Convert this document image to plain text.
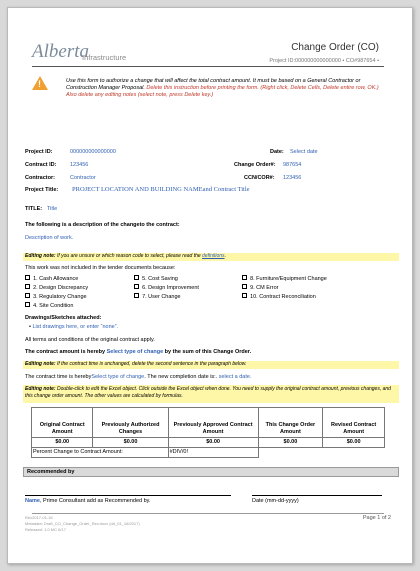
Alberta
Infrastructure
Change Order (CO)
Project ID:000000000000000 • CO#987654 •
!	Use this form to authorize a change that will affect the total contract amount. It must be based on a General Contractor or Construction Manager Proposal. Delete this instruction before printing the form. (Right click, Delete Cells, Delete entire row, OK.) Also delete any editing notes (select note, press Delete key.)
Project ID:	000000000000000	Date: Select date
Contract ID: 123456	Change Order#: 987654
Contractor:	Contractor	CCN/COR#: 123456
Project Title: PROJECT LOCATION AND BUILDING NAMEand Contract Title
TITLE: Title
The following is a description of the changeto the contract:
Description of work.
Editing note: If you are unsure or which reason code to select, please read the definitions.
This work was not included in the tender documents because:
1. Cash Allowance	5. Cost Saving	8. Furniture/Equipment Change
2. Design Discrepancy	6. Design Improvement	9. CM Error
3. Regulatory Change	7. User Change	10. Contract Reconciliation
4. Site Condition
Drawings/Sketches attached:
• List drawings here, or enter “none”.
All terms and conditions of the original contract apply.
The contract amount is hereby Select type of change by the sum of this Change Order.
Editing note: If the contract time is unchanged, delete the second sentence in the paragraph below.
The contract time is herebySelect type of change. The new completion date is:. select a date.
Editing note: Double-click to edit the Excel object. Click outside the Excel object when done. You need to supply the original contract amount, previous changes, and this change order amount. The other values are calculated by formulas.
Original Contract Amount	Previously Authorized Changes	Previously Approved Contract Amount	This Change Order Amount	Revised Contract Amount
$0.00	$0.00	$0.00	$0.00	$0.00
Percent Change to Contract Amount:		#DIV/0!		
Recommended by
Name, Prime Consultant add as Recommended by.	Date (mm-dd-yyyy)
Rev2017-01-16
Metadata: Draft_CO_Change_Order_Rev.docx (dd_01_16/2017)
Released: 1.0 MC 6/17
Page 1 of 2
